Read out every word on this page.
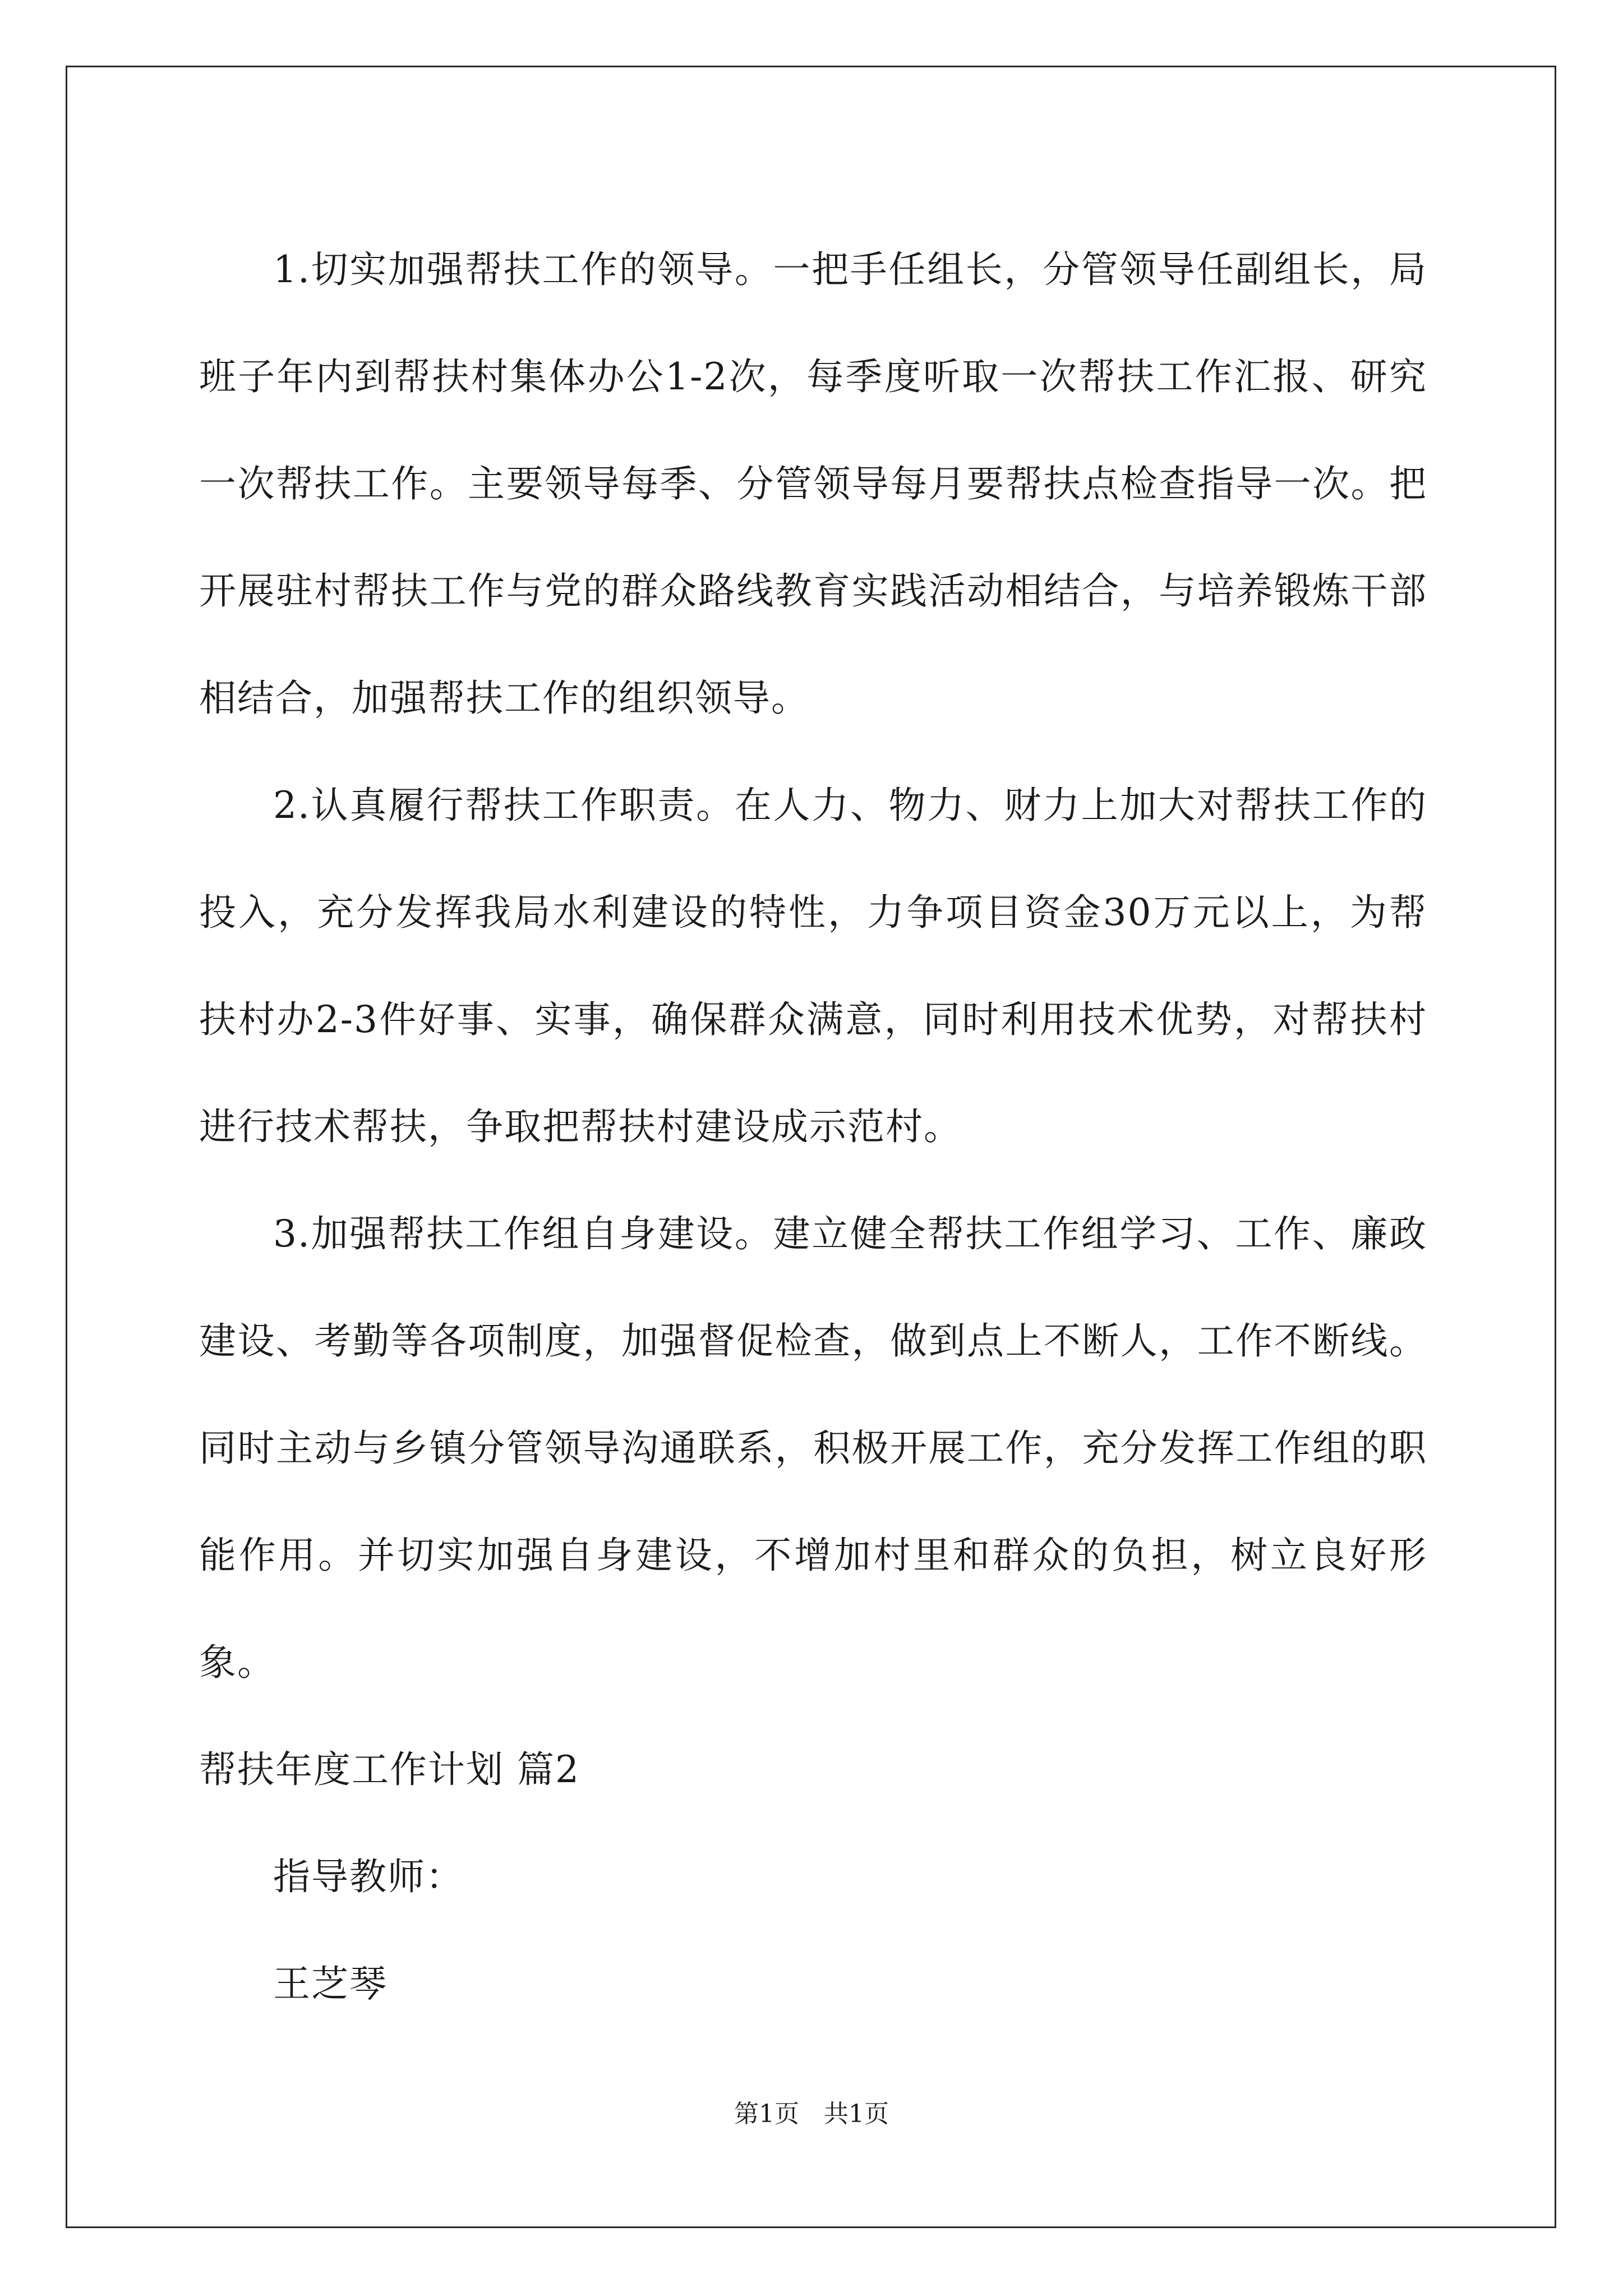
1.切实加强帮扶工作的领导。一把手任组长，分管领导任副组长，局班子年内到帮扶村集体办公1-2次，每季度听取一次帮扶工作汇报、研究一次帮扶工作。主要领导每季、分管领导每月要帮扶点检查指导一次。把开展驻村帮扶工作与党的群众路线教育实践活动相结合，与培养锻炼干部相结合，加强帮扶工作的组织领导。

2.认真履行帮扶工作职责。在人力、物力、财力上加大对帮扶工作的投入，充分发挥我局水利建设的特性，力争项目资金30万元以上，为帮扶村办2-3件好事、实事，确保群众满意，同时利用技术优势，对帮扶村进行技术帮扶，争取把帮扶村建设成示范村。

3.加强帮扶工作组自身建设。建立健全帮扶工作组学习、工作、廉政建设、考勤等各项制度，加强督促检查，做到点上不断人，工作不断线。同时主动与乡镇分管领导沟通联系，积极开展工作，充分发挥工作组的职能作用。并切实加强自身建设，不增加村里和群众的负担，树立良好形象。

帮扶年度工作计划 篇2

指导教师：

王芝琴

第1页 共1页
